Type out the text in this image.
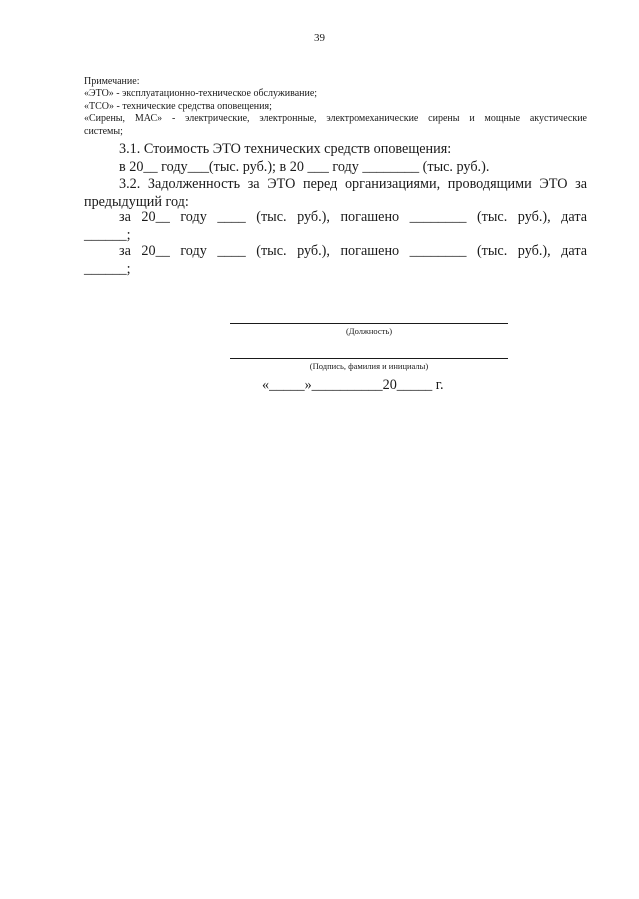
39
Примечание:
«ЭТО» - эксплуатационно-техническое обслуживание;
«ТСО» - технические средства оповещения;
«Сирены, МАС» - электрические, электронные, электромеханические сирены и мощные акустические
системы;
3.1. Стоимость ЭТО технических средств оповещения:
в 20__ году___(тыс. руб.); в 20 ___ году ________ (тыс. руб.).
3.2. Задолженность за ЭТО перед организациями, проводящими ЭТО за
предыдущий год:
за 20__ году ____ (тыс. руб.), погашено ________ (тыс. руб.), дата
______;
за 20__ году ____ (тыс. руб.), погашено ________ (тыс. руб.), дата
______;
(Должность)
(Подпись, фамилия и инициалы)
«_____»__________20_____ г.
